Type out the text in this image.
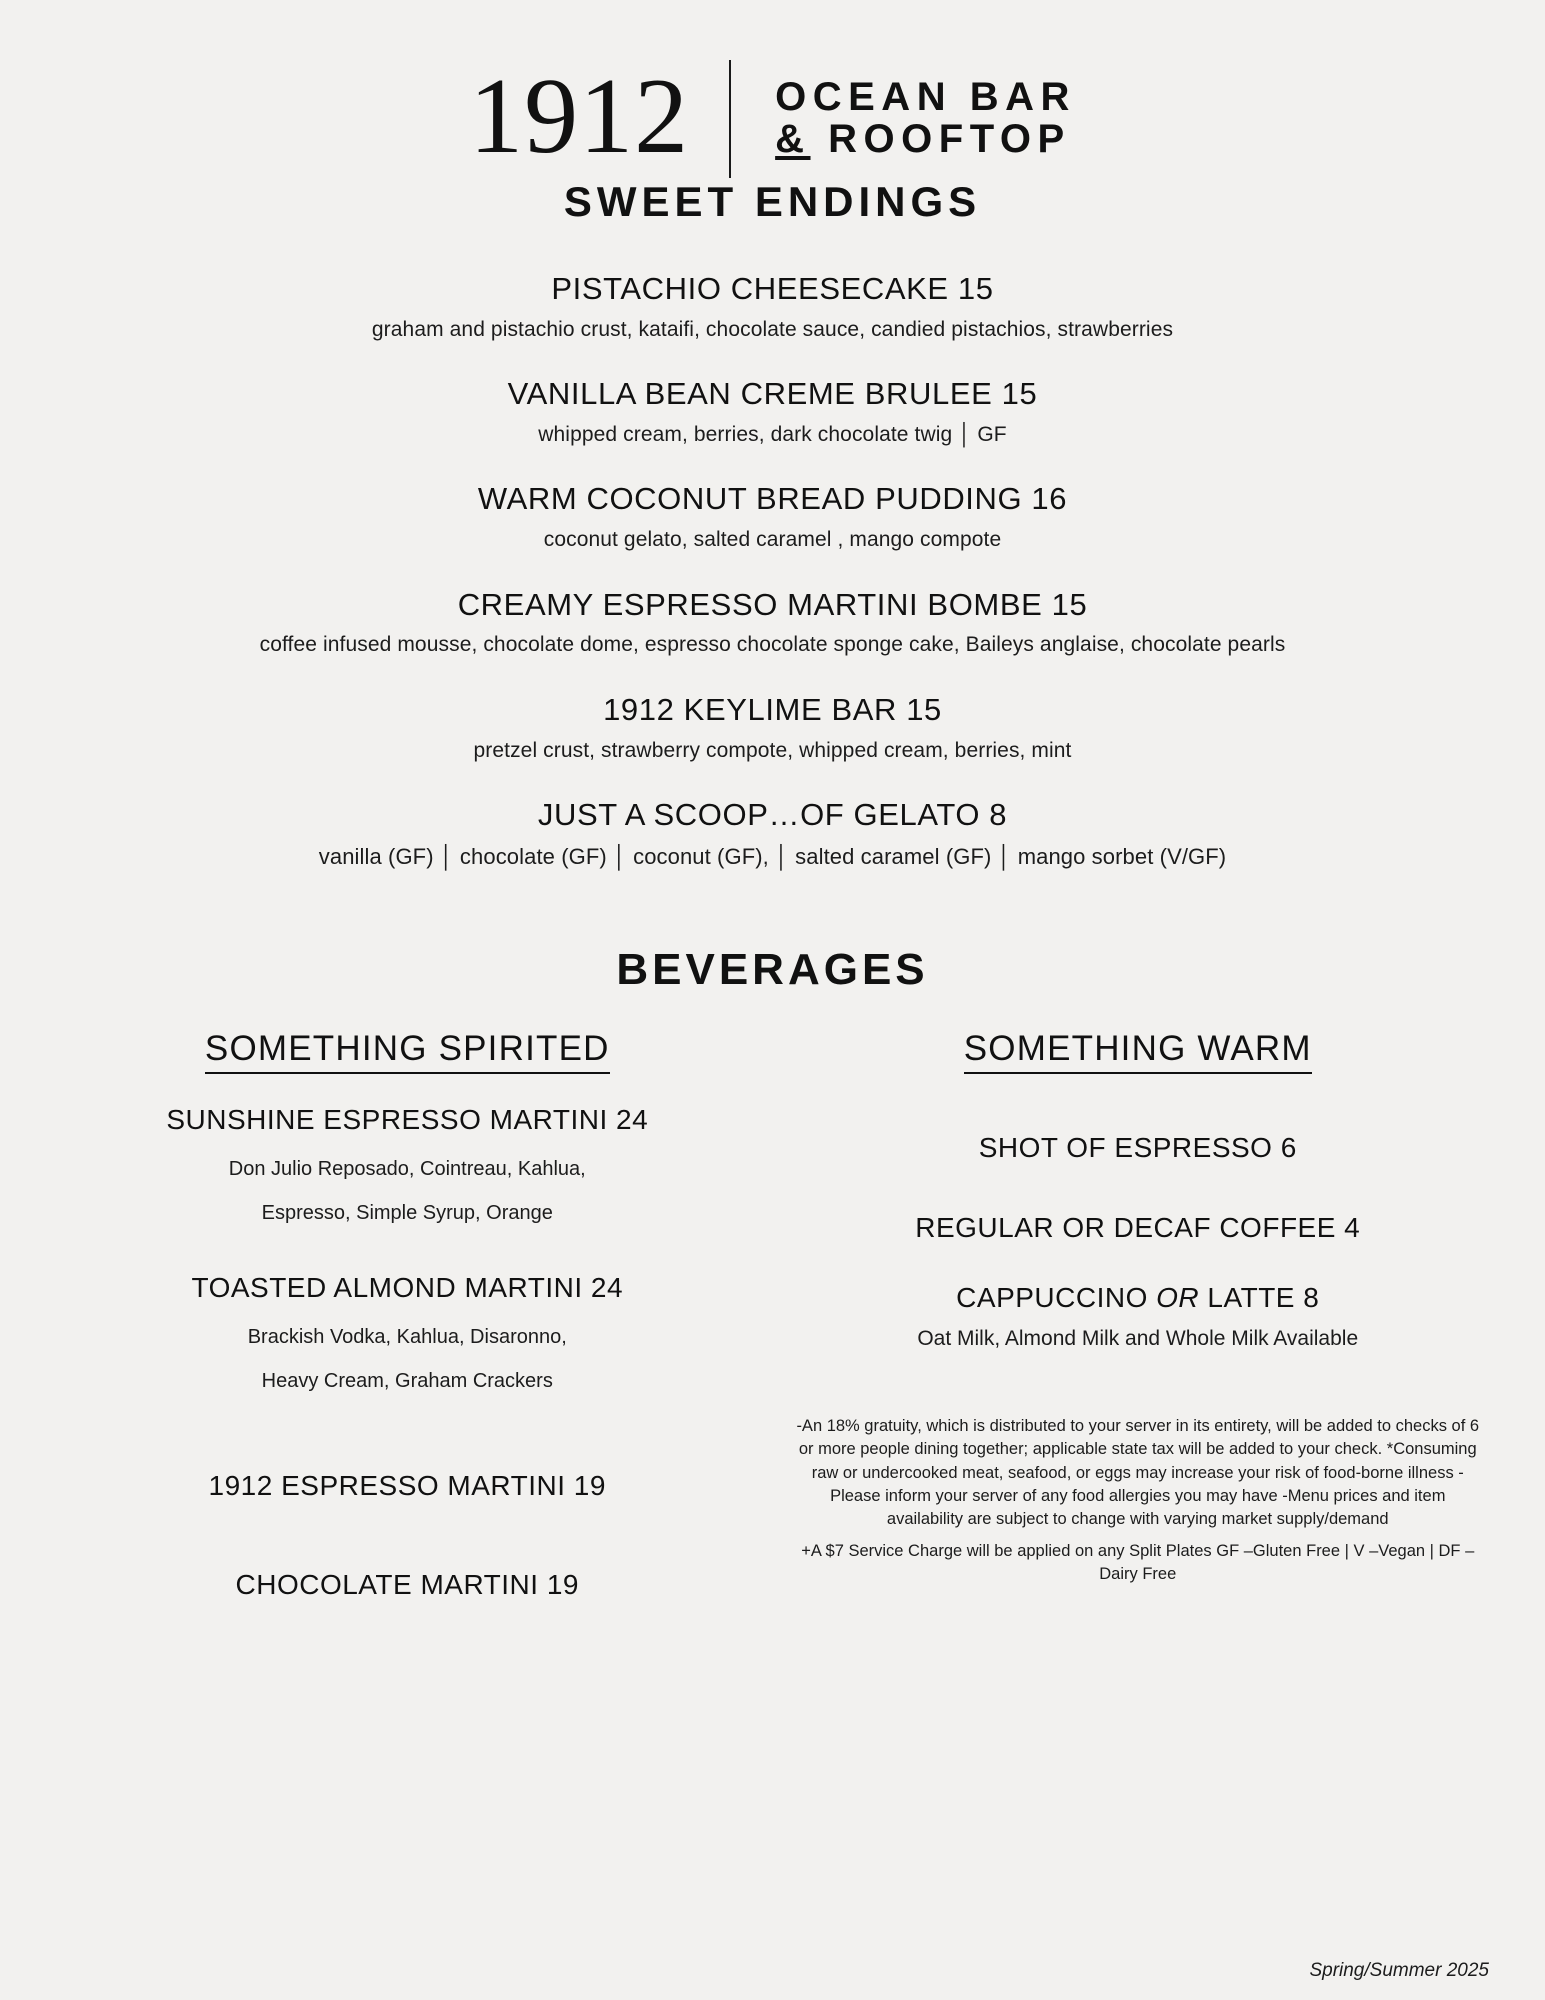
1912	OCEAN BAR
& ROOFTOP
SWEET ENDINGS
PISTACHIO CHEESECAKE 15
graham and pistachio crust, kataifi, chocolate sauce, candied pistachios, strawberries
VANILLA BEAN CREME BRULEE 15
whipped cream, berries, dark chocolate twig │ GF
WARM COCONUT BREAD PUDDING 16
coconut gelato, salted caramel , mango compote
CREAMY ESPRESSO MARTINI BOMBE 15
coffee infused mousse, chocolate dome, espresso chocolate sponge cake, Baileys anglaise, chocolate pearls
1912 KEYLIME BAR 15
pretzel crust, strawberry compote, whipped cream, berries, mint
JUST A SCOOP…OF GELATO 8
vanilla (GF) │ chocolate (GF) │ coconut (GF), │ salted caramel (GF) │ mango sorbet (V/GF)
BEVERAGES
SOMETHING SPIRITED
SUNSHINE ESPRESSO MARTINI 24
Don Julio Reposado, Cointreau, Kahlua,
Espresso, Simple Syrup, Orange
TOASTED ALMOND MARTINI 24
Brackish Vodka, Kahlua, Disaronno,
Heavy Cream, Graham Crackers
1912 ESPRESSO MARTINI 19
CHOCOLATE MARTINI 19
SOMETHING WARM
SHOT OF ESPRESSO 6
REGULAR OR DECAF COFFEE 4
CAPPUCCINO OR LATTE 8
Oat Milk, Almond Milk and Whole Milk Available

-An 18% gratuity, which is distributed to your server in its entirety, will be added to checks of 6 or more people dining together; applicable state tax will be added to your check. *Consuming raw or undercooked meat, seafood, or eggs may increase your risk of food-borne illness -Please inform your server of any food allergies you may have -Menu prices and item availability are subject to change with varying market supply/demand

+A $7 Service Charge will be applied on any Split Plates GF –Gluten Free | V –Vegan | DF –Dairy Free

Spring/Summer 2025
